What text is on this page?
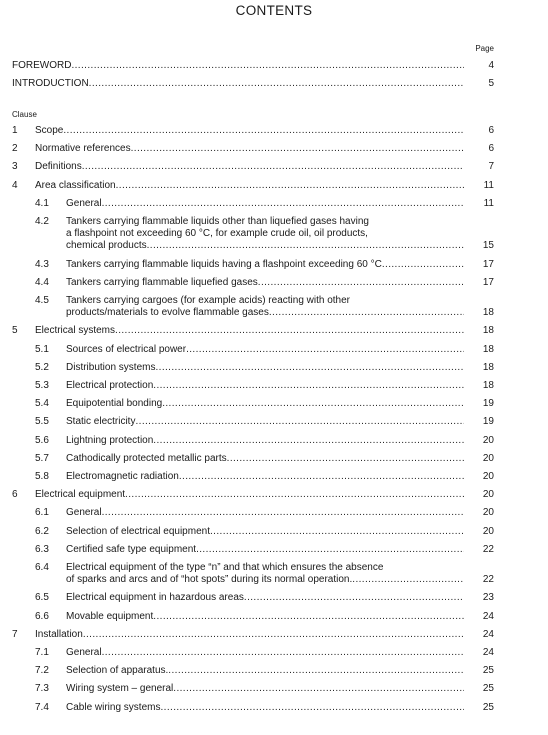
CONTENTS
Page
Clause
FOREWORD .....	4
INTRODUCTION .....	5
1 Scope .....	6
2 Normative references .....	6
3 Definitions .....	7
4 Area classification .....	11
4.1 General .....	11
4.2 Tankers carrying flammable liquids other than liquefied gases having
a flashpoint not exceeding 60 °C, for example crude oil, oil products,
chemical products .....	15
4.3 Tankers carrying flammable liquids having a flashpoint exceeding 60 °C .....	17
4.4 Tankers carrying flammable liquefied gases .....	17
4.5 Tankers carrying cargoes (for example acids) reacting with other
products/materials to evolve flammable gases .....	18
5 Electrical systems .....	18
5.1 Sources of electrical power .....	18
5.2 Distribution systems .....	18
5.3 Electrical protection .....	18
5.4 Equipotential bonding .....	19
5.5 Static electricity .....	19
5.6 Lightning protection .....	20
5.7 Cathodically protected metallic parts .....	20
5.8 Electromagnetic radiation .....	20
6 Electrical equipment .....	20
6.1 General .....	20
6.2 Selection of electrical equipment .....	20
6.3 Certified safe type equipment .....	22
6.4 Electrical equipment of the type “n” and that which ensures the absence
of sparks and arcs and of “hot spots” during its normal operation. .....	22
6.5 Electrical equipment in hazardous areas .....	23
6.6 Movable equipment .....	24
7 Installation .....	24
7.1 General .....	24
7.2 Selection of apparatus. .....	25
7.3 Wiring system – general .....	25
7.4 Cable wiring systems .....	25
